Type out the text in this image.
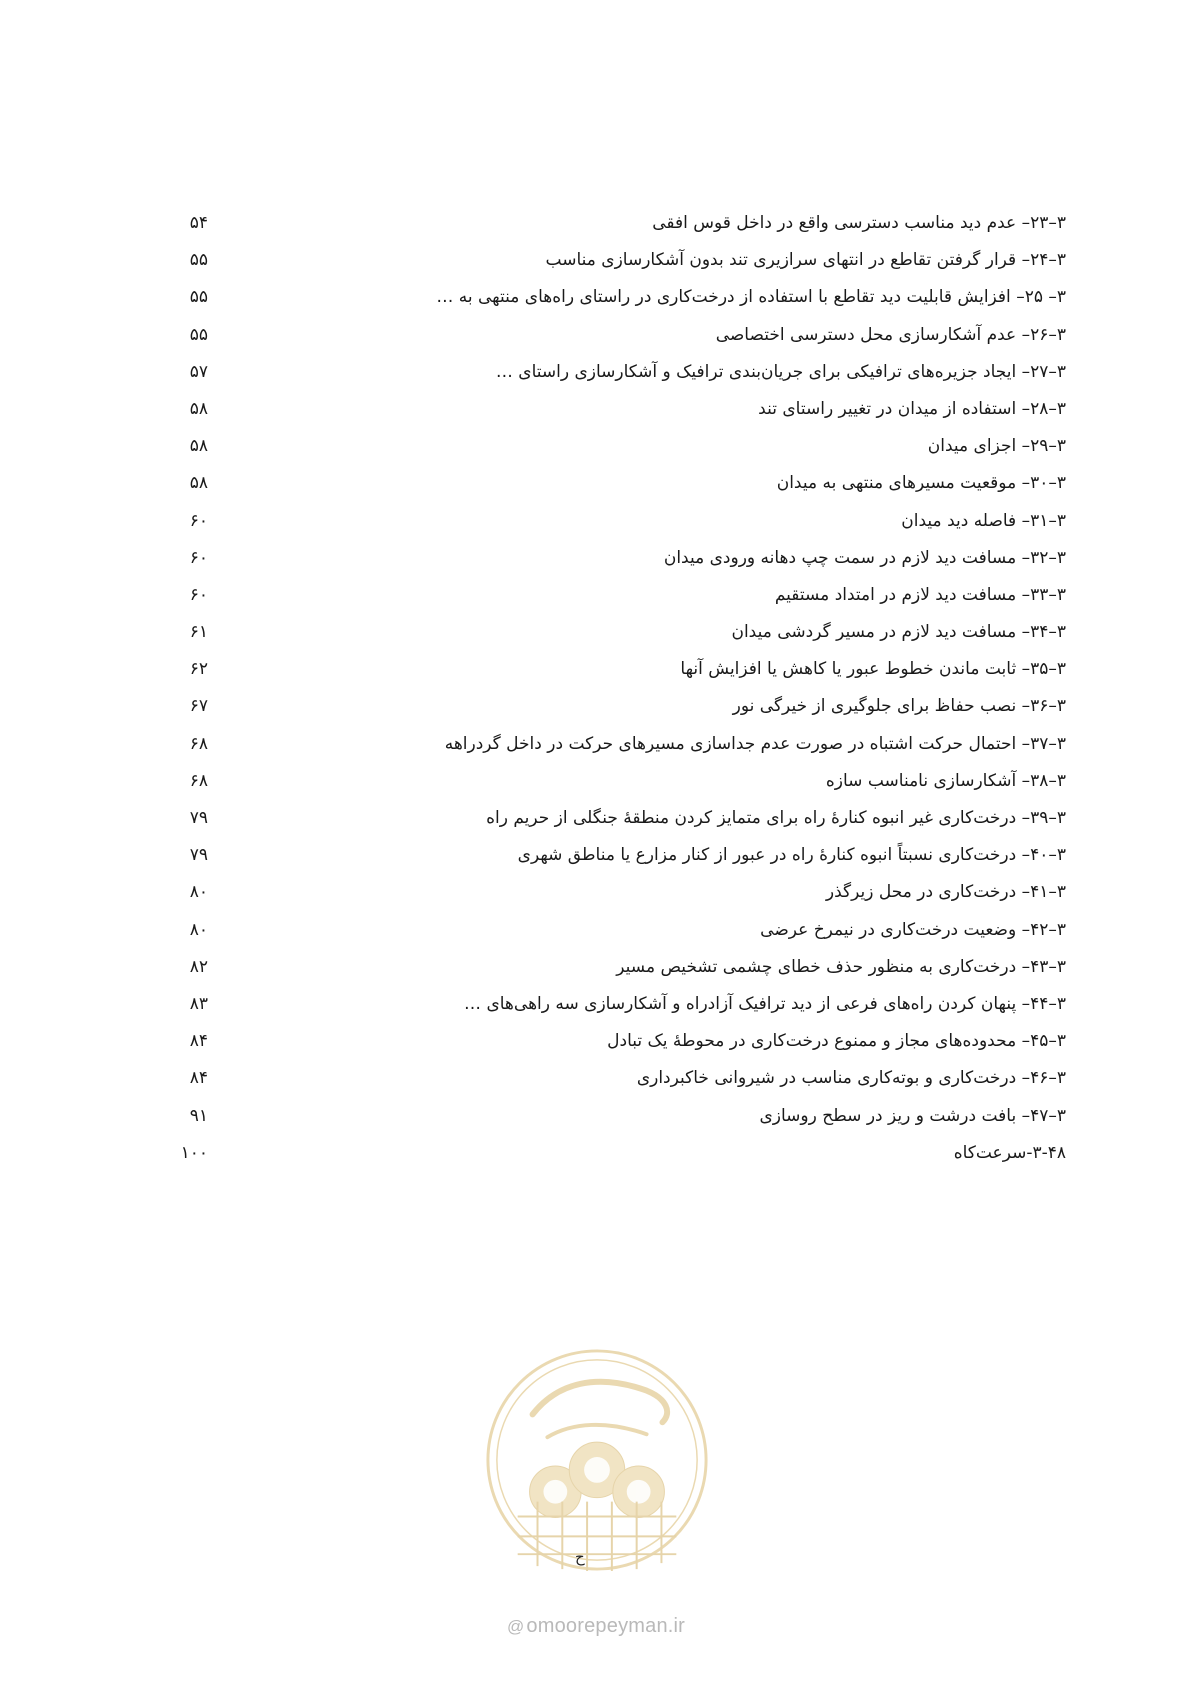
۳–۲۳– عدم دید مناسب دسترسی واقع در داخل قوس افقی
۵۴
۳–۲۴– قرار گرفتن تقاطع در انتهای سرازیری تند بدون آشکارسازی مناسب
۵۵
۳– ۲۵– افزایش قابلیت دید تقاطع با استفاده از درخت‌کاری در راستای راه‌های منتهی به …
۵۵
۳–۲۶– عدم آشکارسازی محل دسترسی اختصاصی
۵۵
۳–۲۷– ایجاد جزیره‌های ترافیکی برای جریان‌بندی ترافیک و آشکارسازی راستای …
۵۷
۳–۲۸– استفاده از میدان در تغییر راستای تند
۵۸
۳–۲۹– اجزای میدان
۵۸
۳–۳۰– موقعیت مسیرهای منتهی به میدان
۵۸
۳–۳۱– فاصله دید میدان
۶۰
۳–۳۲– مسافت دید لازم در سمت چپ دهانه ورودی میدان
۶۰
۳–۳۳– مسافت دید لازم در امتداد مستقیم
۶۰
۳–۳۴– مسافت دید لازم در مسیر گردشی میدان
۶۱
۳–۳۵– ثابت ماندن خطوط عبور یا کاهش یا افزایش آنها
۶۲
۳–۳۶– نصب حفاظ برای جلوگیری از خیرگی نور
۶۷
۳–۳۷– احتمال حرکت اشتباه در صورت عدم جداسازی مسیرهای حرکت در داخل گردراهه
۶۸
۳–۳۸– آشکارسازی نامناسب سازه
۶۸
۳–۳۹– درخت‌کاری غیر انبوه کنارهٔ راه برای متمایز کردن منطقهٔ جنگلی از حریم راه
۷۹
۳–۴۰– درخت‌کاری نسبتاً انبوه کنارهٔ راه در عبور از کنار مزارع یا مناطق شهری
۷۹
۳–۴۱– درخت‌کاری در محل زیرگذر
۸۰
۳–۴۲– وضعیت درخت‌کاری در نیمرخ عرضی
۸۰
۳–۴۳– درخت‌کاری به منظور حذف خطای چشمی تشخیص مسیر
۸۲
۳–۴۴– پنهان کردن راه‌های فرعی از دید ترافیک آزادراه و آشکارسازی سه راهی‌های …
۸۳
۳–۴۵– محدوده‌های مجاز و ممنوع درخت‌کاری در محوطهٔ یک تبادل
۸۴
۳–۴۶– درخت‌کاری و بوته‌کاری مناسب در شیروانی خاکبرداری
۸۴
۳–۴۷– بافت درشت و ریز در سطح روسازی
۹۱
۳-۴۸-سرعت‌کاه
۱۰۰
ح
@ omoorepeyman.ir
